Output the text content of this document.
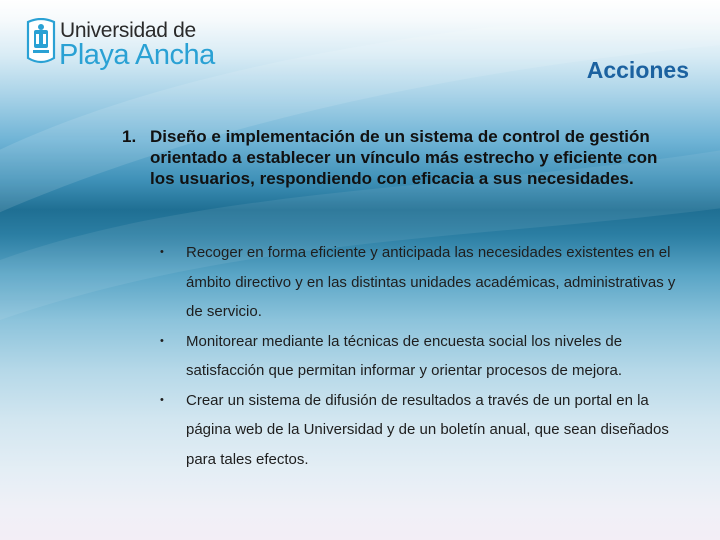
Universidad de
Playa Ancha	Acciones
1. Diseño e implementación de un sistema de control de gestión orientado a establecer un vínculo más estrecho y eficiente con los usuarios, respondiendo con eficacia a sus necesidades.
•	Recoger en forma eficiente y anticipada las necesidades existentes en el ámbito directivo y en las distintas unidades académicas, administrativas y de servicio.
•	Monitorear mediante la técnicas de encuesta social los niveles de satisfacción que permitan informar y orientar procesos de mejora.
•	Crear un sistema de difusión de resultados a través de un portal en la página web de la Universidad y de un boletín anual, que sean diseñados para tales efectos.
